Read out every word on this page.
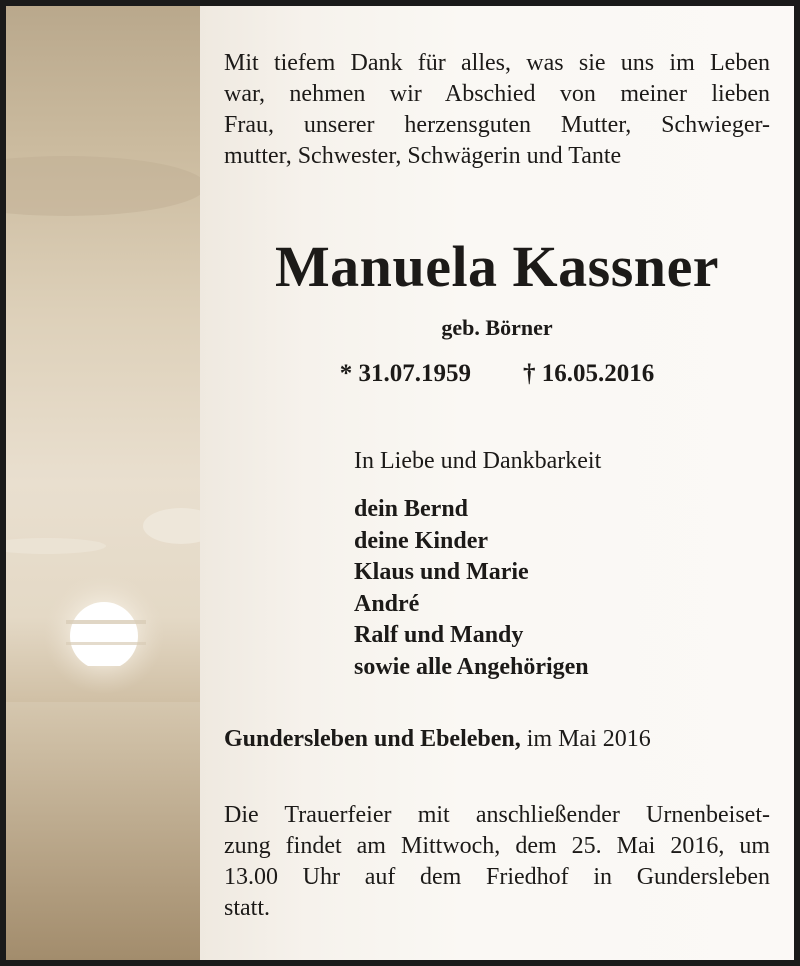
Mit tiefem Dank für alles, was sie uns im Leben
war, nehmen wir Abschied von meiner lieben
Frau, unserer herzensguten Mutter, Schwieger-
mutter, Schwester, Schwägerin und Tante

Manuela Kassner

geb. Börner

* 31.07.1959 † 16.05.2016

In Liebe und Dankbarkeit

dein Bernd
deine Kinder
Klaus und Marie
André
Ralf und Mandy
sowie alle Angehörigen

Gundersleben und Ebeleben, im Mai 2016

Die Trauerfeier mit anschließender Urnenbeiset-
zung findet am Mittwoch, dem 25. Mai 2016, um
13.00 Uhr auf dem Friedhof in Gundersleben
statt.
